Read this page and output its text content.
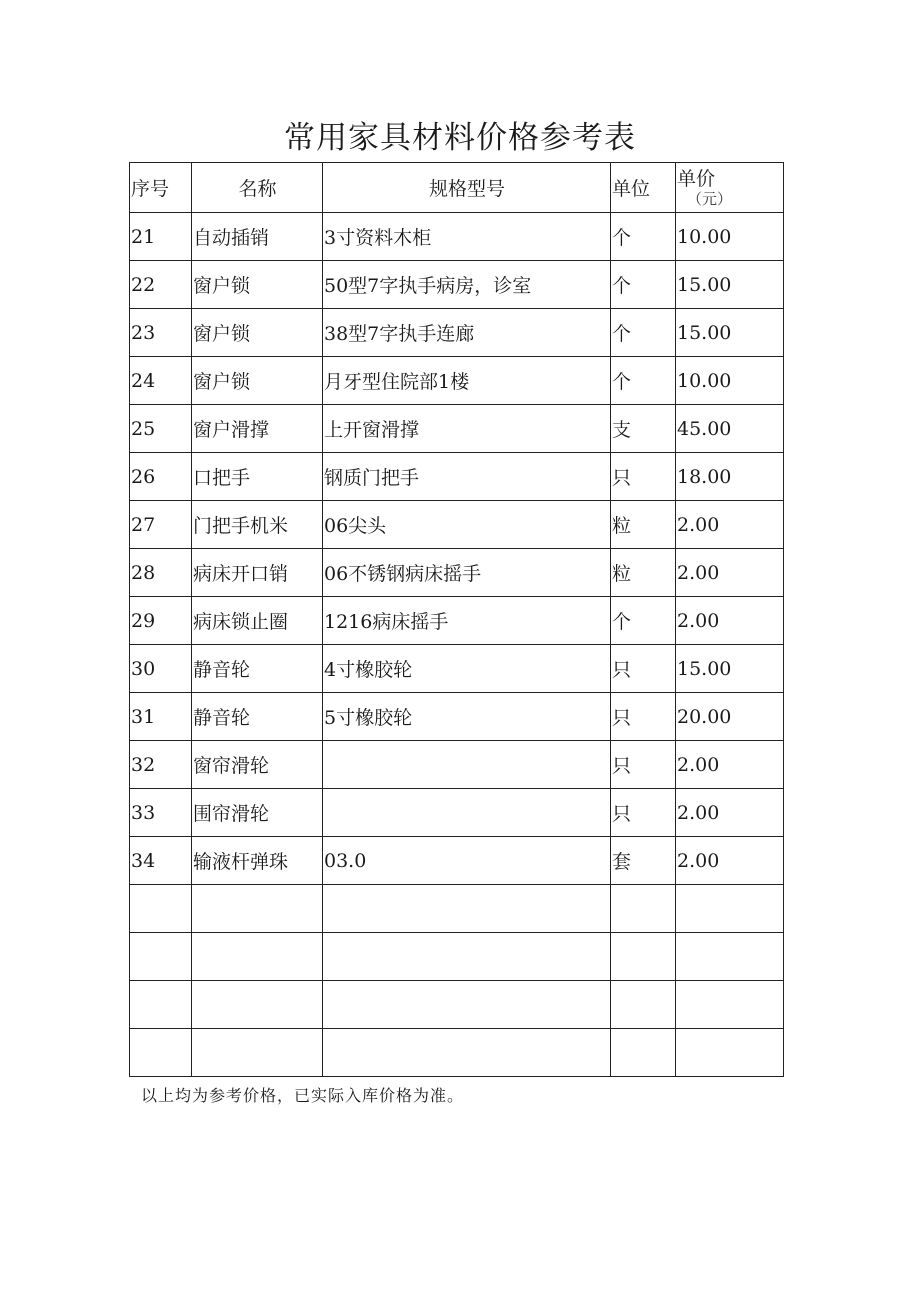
常用家具材料价格参考表
序号	名称	规格型号	单位	单价
（元）

21	自动插销	3寸资料木柜	个	10.00
22	窗户锁	50型7字执手病房，诊室	个	15.00
23	窗户锁	38型7字执手连廊	个	15.00
24	窗户锁	月牙型住院部1楼	个	10.00
25	窗户滑撑	上开窗滑撑	支	45.00
26	口把手	钢质门把手	只	18.00
27	门把手机米	06尖头	粒	2.00
28	病床开口销	06不锈钢病床摇手	粒	2.00
29	病床锁止圈	1216病床摇手	个	2.00
30	静音轮	4寸橡胶轮	只	15.00
31	静音轮	5寸橡胶轮	只	20.00
32	窗帘滑轮		只	2.00
33	围帘滑轮		只	2.00
34	输液杆弹珠	03.0	套	2.00

以上均为参考价格，已实际入库价格为准。
